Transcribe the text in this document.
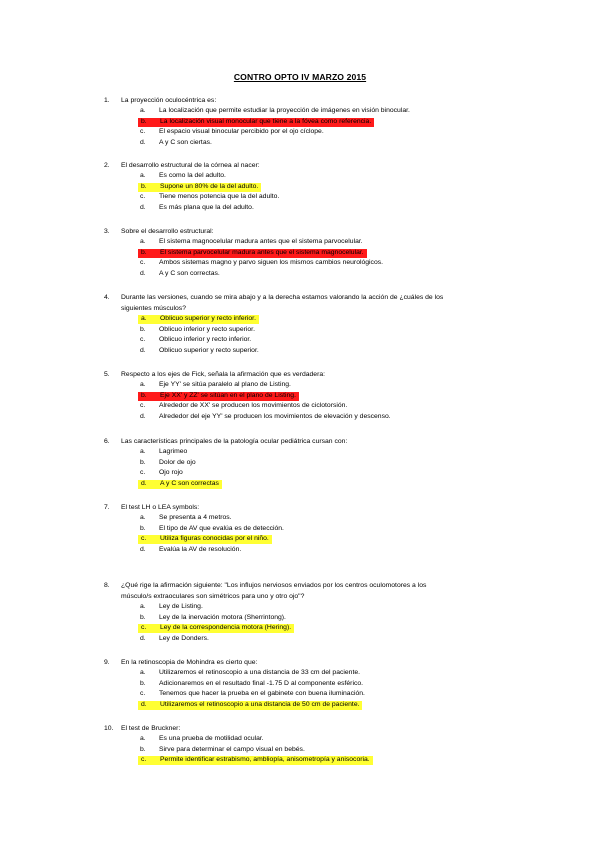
CONTRO OPTO IV MARZO 2015
1.	La proyección oculocéntrica es:
a.	La localización que permite estudiar la proyección de imágenes en visión binocular.
b.	La localización visual monocular que tiene a la fóvea como referencia.
c.	El espacio visual binocular percibido por el ojo cíclope.
d.	A y C son ciertas.
2.	El desarrollo estructural de la córnea al nacer:
a.	Es como la del adulto.
b.	Supone un 80% de la del adulto.
c.	Tiene menos potencia que la del adulto.
d.	Es más plana que la del adulto.
3.	Sobre el desarrollo estructural:
a.	El sistema magnocelular madura antes que el sistema parvocelular.
b.	El sistema parvocelular madura antes que el sistema magnocelular.
c.	Ambos sistemas magno y parvo siguen los mismos cambios neurológicos.
d.	A y C son correctas.
4.	Durante las versiones, cuando se mira abajo y a la derecha estamos valorando la acción de ¿cuáles de los
siguientes músculos?
a.	Oblicuo superior y recto inferior.
b.	Oblicuo inferior y recto superior.
c.	Oblicuo inferior y recto inferior.
d.	Oblicuo superior y recto superior.
5.	Respecto a los ejes de Fick, señala la afirmación que es verdadera:
a.	Eje YY' se sitúa paralelo al plano de Listing.
b.	Eje XX' y ZZ' se sitúan en el plano de Listing.
c.	Alrededor de XX' se producen los movimientos de ciclotorsión.
d.	Alrededor del eje YY' se producen los movimientos de elevación y descenso.
6.	Las características principales de la patología ocular pediátrica cursan con:
a.	Lagrimeo
b.	Dolor de ojo
c.	Ojo rojo
d.	A y C son correctas
7.	El test LH o LEA symbols:
a.	Se presenta a 4 metros.
b.	El tipo de AV que evalúa es de detección.
c.	Utiliza figuras conocidas por el niño.
d.	Evalúa la AV de resolución.
8.	¿Qué rige la afirmación siguiente: "Los influjos nerviosos enviados por los centros oculomotores a los
músculo/s extraoculares son simétricos para uno y otro ojo"?
a.	Ley de Listing.
b.	Ley de la inervación motora (Sherrintong).
c.	Ley de la correspondencia motora (Hering).
d.	Ley de Donders.
9.	En la retinoscopia de Mohindra es cierto que:
a.	Utilizaremos el retinoscopio a una distancia de 33 cm del paciente.
b.	Adicionaremos en el resultado final -1.75 D al componente esférico.
c.	Tenemos que hacer la prueba en el gabinete con buena iluminación.
d.	Utilizaremos el retinoscopio a una distancia de 50 cm de paciente.
10.	El test de Bruckner:
a.	Es una prueba de motilidad ocular.
b.	Sirve para determinar el campo visual en bebés.
c.	Permite identificar estrabismo, ambliopía, anisometropía y anisocoria.
